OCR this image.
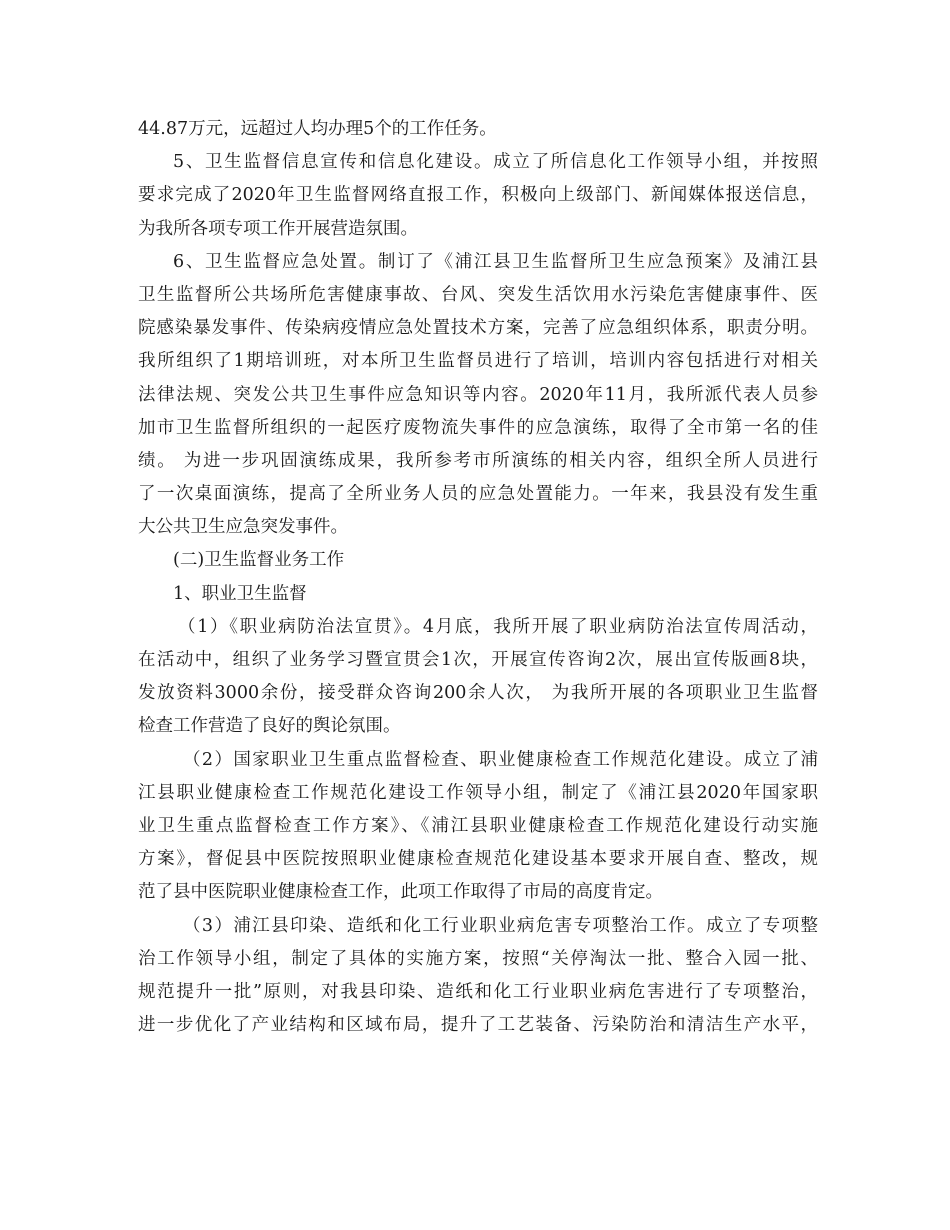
44.87万元，远超过人均办理5个的工作任务。
5、卫生监督信息宣传和信息化建设。成立了所信息化工作领导小组，并按照
要求完成了2020年卫生监督网络直报工作，积极向上级部门、新闻媒体报送信息，
为我所各项专项工作开展营造氛围。
6、卫生监督应急处置。制订了《浦江县卫生监督所卫生应急预案》及浦江县
卫生监督所公共场所危害健康事故、台风、突发生活饮用水污染危害健康事件、医
院感染暴发事件、传染病疫情应急处置技术方案，完善了应急组织体系，职责分明。
我所组织了1期培训班，对本所卫生监督员进行了培训，培训内容包括进行对相关
法律法规、突发公共卫生事件应急知识等内容。2020年11月，我所派代表人员参
加市卫生监督所组织的一起医疗废物流失事件的应急演练，取得了全市第一名的佳
绩。 为进一步巩固演练成果，我所参考市所演练的相关内容，组织全所人员进行
了一次桌面演练，提高了全所业务人员的应急处置能力。一年来，我县没有发生重
大公共卫生应急突发事件。
(二)卫生监督业务工作
1、职业卫生监督
（1）《职业病防治法宣贯》。4月底，我所开展了职业病防治法宣传周活动，
在活动中，组织了业务学习暨宣贯会1次，开展宣传咨询2次，展出宣传版画8块，
发放资料3000余份，接受群众咨询200余人次， 为我所开展的各项职业卫生监督
检查工作营造了良好的舆论氛围。
（2）国家职业卫生重点监督检查、职业健康检查工作规范化建设。成立了浦
江县职业健康检查工作规范化建设工作领导小组，制定了《浦江县2020年国家职
业卫生重点监督检查工作方案》、《浦江县职业健康检查工作规范化建设行动实施
方案》，督促县中医院按照职业健康检查规范化建设基本要求开展自查、整改，规
范了县中医院职业健康检查工作，此项工作取得了市局的高度肯定。
（3）浦江县印染、造纸和化工行业职业病危害专项整治工作。成立了专项整
治工作领导小组，制定了具体的实施方案，按照“关停淘汰一批、整合入园一批、
规范提升一批”原则，对我县印染、造纸和化工行业职业病危害进行了专项整治，
进一步优化了产业结构和区域布局，提升了工艺装备、污染防治和清洁生产水平，
